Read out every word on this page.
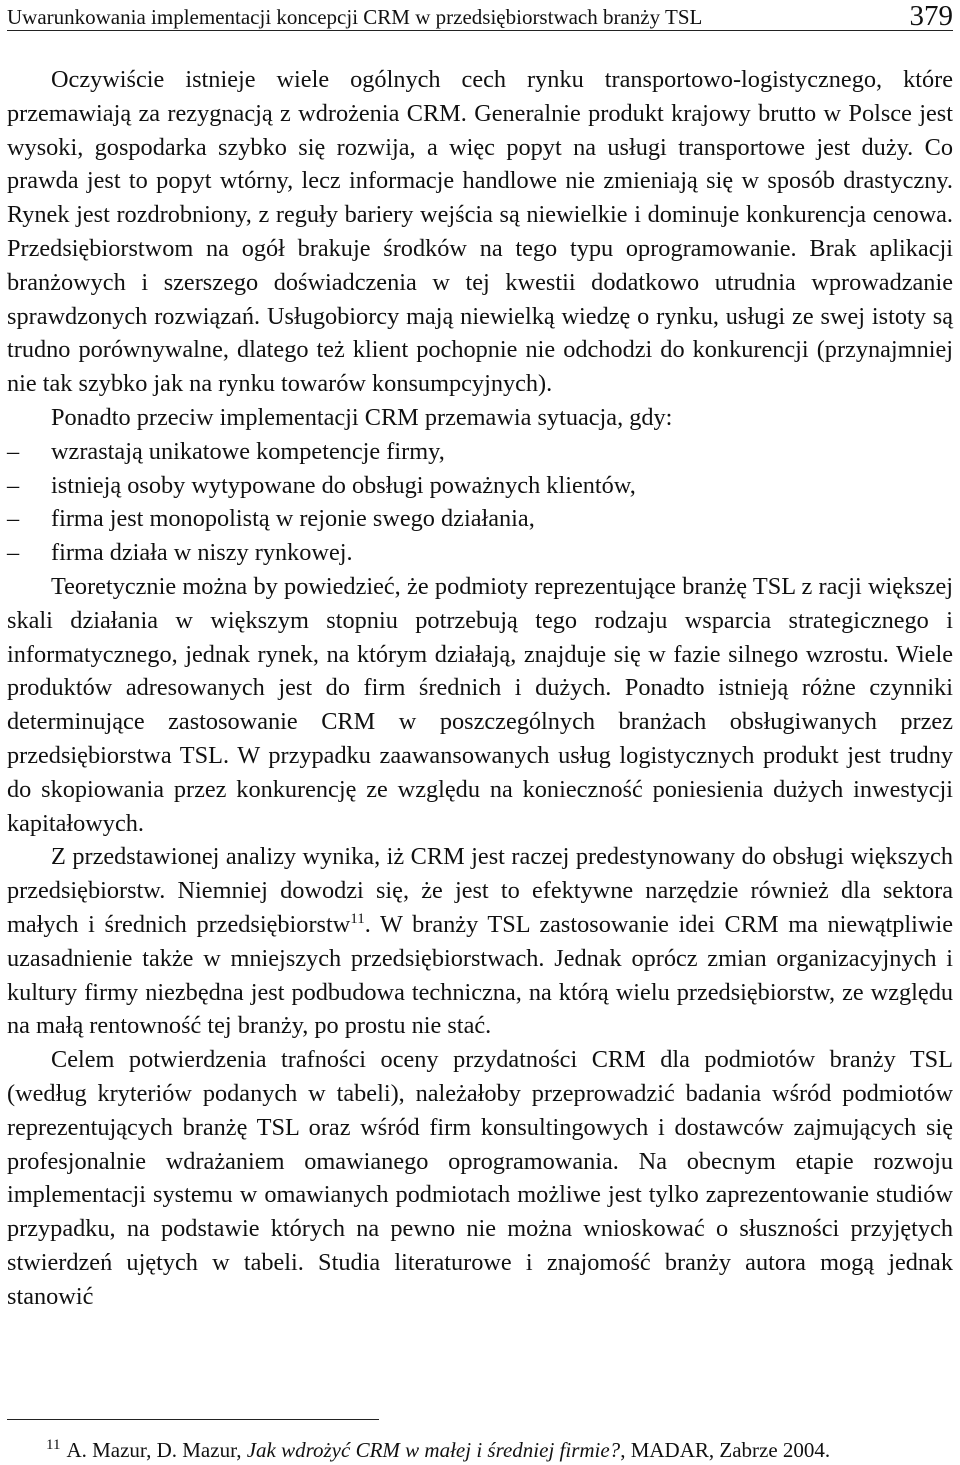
Uwarunkowania implementacji koncepcji CRM w przedsiębiorstwach branży TSL	379

Oczywiście istnieje wiele ogólnych cech rynku transportowo-logistycznego, które przemawiają za rezygnacją z wdrożenia CRM. Generalnie produkt krajowy brutto w Polsce jest wysoki, gospodarka szybko się rozwija, a więc popyt na usługi transportowe jest duży. Co prawda jest to popyt wtórny, lecz informacje handlowe nie zmieniają się w sposób drastyczny. Rynek jest rozdrobniony, z reguły bariery wejścia są niewielkie i dominuje konkurencja cenowa. Przedsiębiorstwom na ogół brakuje środków na tego typu oprogramowanie. Brak aplikacji branżowych i szerszego doświadczenia w tej kwestii dodatkowo utrudnia wprowadzanie sprawdzonych rozwiązań. Usługobiorcy mają niewielką wiedzę o rynku, usługi ze swej istoty są trudno porównywalne, dlatego też klient pochopnie nie odchodzi do konkurencji (przynajmniej nie tak szybko jak na rynku towarów konsumpcyjnych).

Ponadto przeciw implementacji CRM przemawia sytuacja, gdy:

– wzrastają unikatowe kompetencje firmy,
– istnieją osoby wytypowane do obsługi poważnych klientów,
– firma jest monopolistą w rejonie swego działania,
– firma działa w niszy rynkowej.

Teoretycznie można by powiedzieć, że podmioty reprezentujące branżę TSL z racji większej skali działania w większym stopniu potrzebują tego rodzaju wsparcia strategicznego i informatycznego, jednak rynek, na którym działają, znajduje się w fazie silnego wzrostu. Wiele produktów adresowanych jest do firm średnich i dużych. Ponadto istnieją różne czynniki determinujące zastosowanie CRM w poszczególnych branżach obsługiwanych przez przedsiębiorstwa TSL. W przypadku zaawansowanych usług logistycznych produkt jest trudny do skopiowania przez konkurencję ze względu na konieczność poniesienia dużych inwestycji kapitałowych.

Z przedstawionej analizy wynika, iż CRM jest raczej predestynowany do obsługi większych przedsiębiorstw. Niemniej dowodzi się, że jest to efektywne narzędzie również dla sektora małych i średnich przedsiębiorstw$^{11}$. W branży TSL zastosowanie idei CRM ma niewątpliwie uzasadnienie także w mniejszych przedsiębiorstwach. Jednak oprócz zmian organizacyjnych i kultury firmy niezbędna jest podbudowa techniczna, na którą wielu przedsiębiorstw, ze względu na małą rentowność tej branży, po prostu nie stać.

Celem potwierdzenia trafności oceny przydatności CRM dla podmiotów branży TSL (według kryteriów podanych w tabeli), należałoby przeprowadzić badania wśród podmiotów reprezentujących branżę TSL oraz wśród firm konsultingowych i dostawców zajmujących się profesjonalnie wdrażaniem omawianego oprogramowania. Na obecnym etapie rozwoju implementacji systemu w omawianych podmiotach możliwe jest tylko zaprezentowanie studiów przypadku, na podstawie których na pewno nie można wnioskować o słuszności przyjętych stwierdzeń ujętych w tabeli. Studia literaturowe i znajomość branży autora mogą jednak stanowić

$^{11}$ A. Mazur, D. Mazur, Jak wdrożyć CRM w małej i średniej firmie?, MADAR, Zabrze 2004.
